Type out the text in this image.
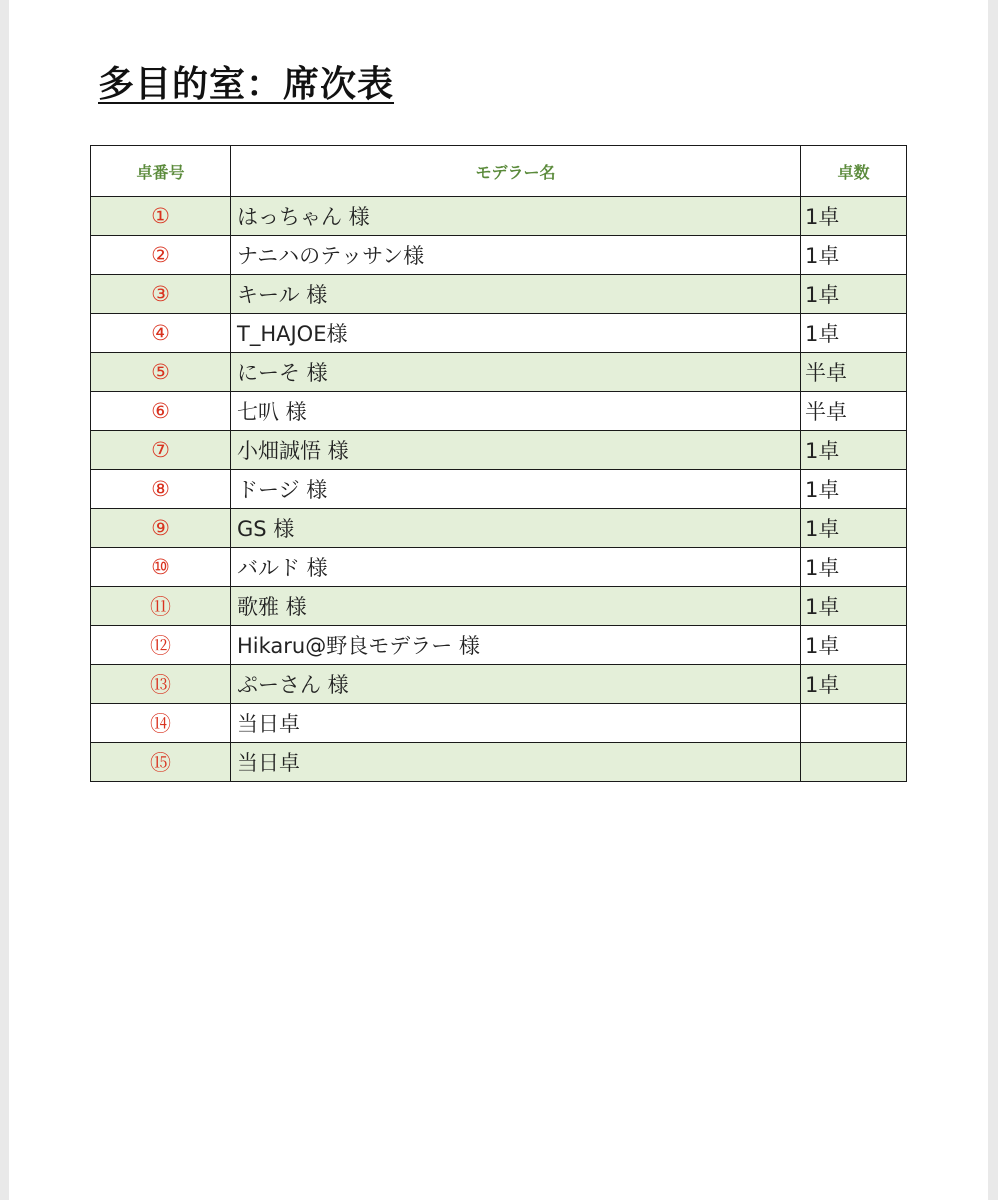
多目的室：席次表
卓番号	モデラー名	卓数
①	はっちゃん 様	1卓
②	ナニハのテッサン様	1卓
③	キール 様	1卓
④	T_HAJOE様	1卓
⑤	にーそ 様	半卓
⑥	七叭 様	半卓
⑦	小畑誠悟 様	1卓
⑧	ドージ 様	1卓
⑨	GS 様	1卓
⑩	バルド 様	1卓
⑪	歌雅 様	1卓
⑫	Hikaru@野良モデラー 様	1卓
⑬	ぷーさん 様	1卓
⑭	当日卓	
⑮	当日卓	
